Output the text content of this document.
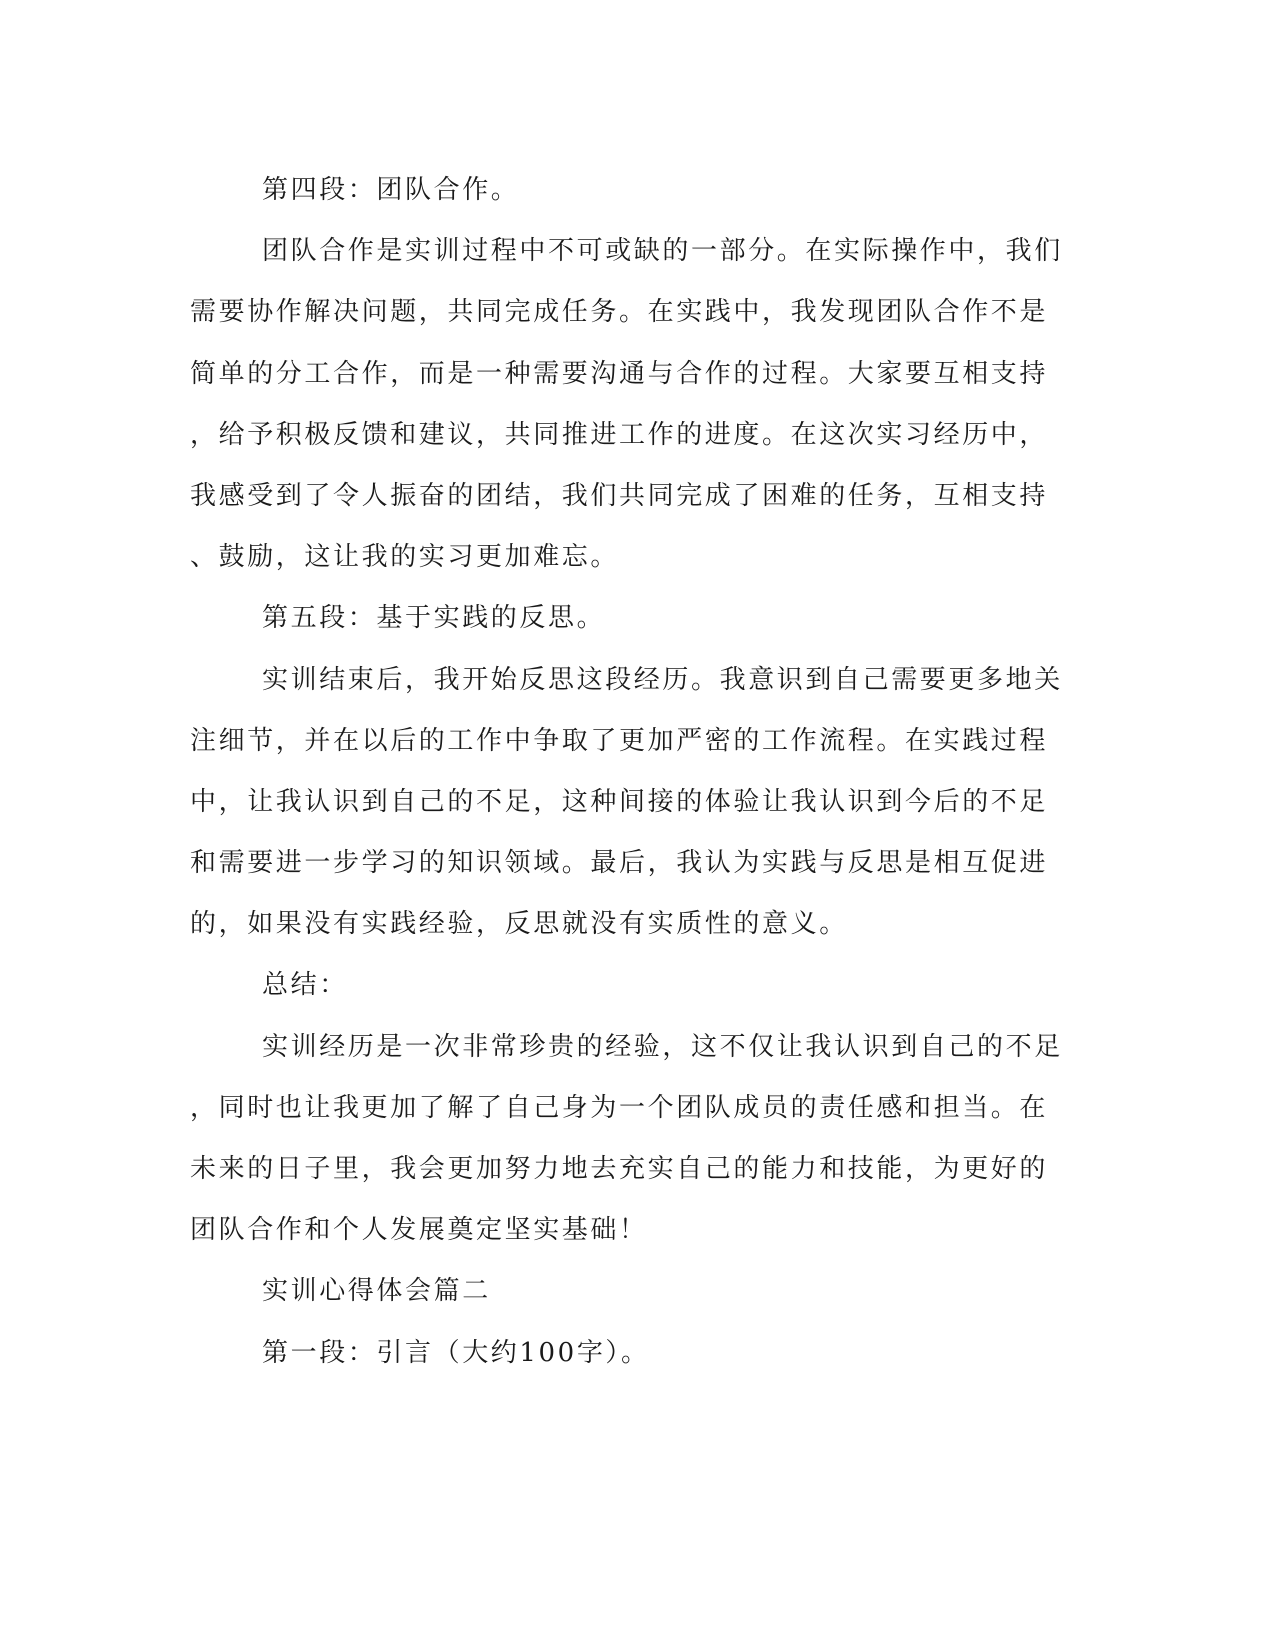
第四段：团队合作。
团队合作是实训过程中不可或缺的一部分。在实际操作中，我们
需要协作解决问题，共同完成任务。在实践中，我发现团队合作不是
简单的分工合作，而是一种需要沟通与合作的过程。大家要互相支持
，给予积极反馈和建议，共同推进工作的进度。在这次实习经历中，
我感受到了令人振奋的团结，我们共同完成了困难的任务，互相支持
、鼓励，这让我的实习更加难忘。
第五段：基于实践的反思。
实训结束后，我开始反思这段经历。我意识到自己需要更多地关
注细节，并在以后的工作中争取了更加严密的工作流程。在实践过程
中，让我认识到自己的不足，这种间接的体验让我认识到今后的不足
和需要进一步学习的知识领域。最后，我认为实践与反思是相互促进
的，如果没有实践经验，反思就没有实质性的意义。
总结：
实训经历是一次非常珍贵的经验，这不仅让我认识到自己的不足
，同时也让我更加了解了自己身为一个团队成员的责任感和担当。在
未来的日子里，我会更加努力地去充实自己的能力和技能，为更好的
团队合作和个人发展奠定坚实基础！
实训心得体会篇二
第一段：引言（大约100字）。
